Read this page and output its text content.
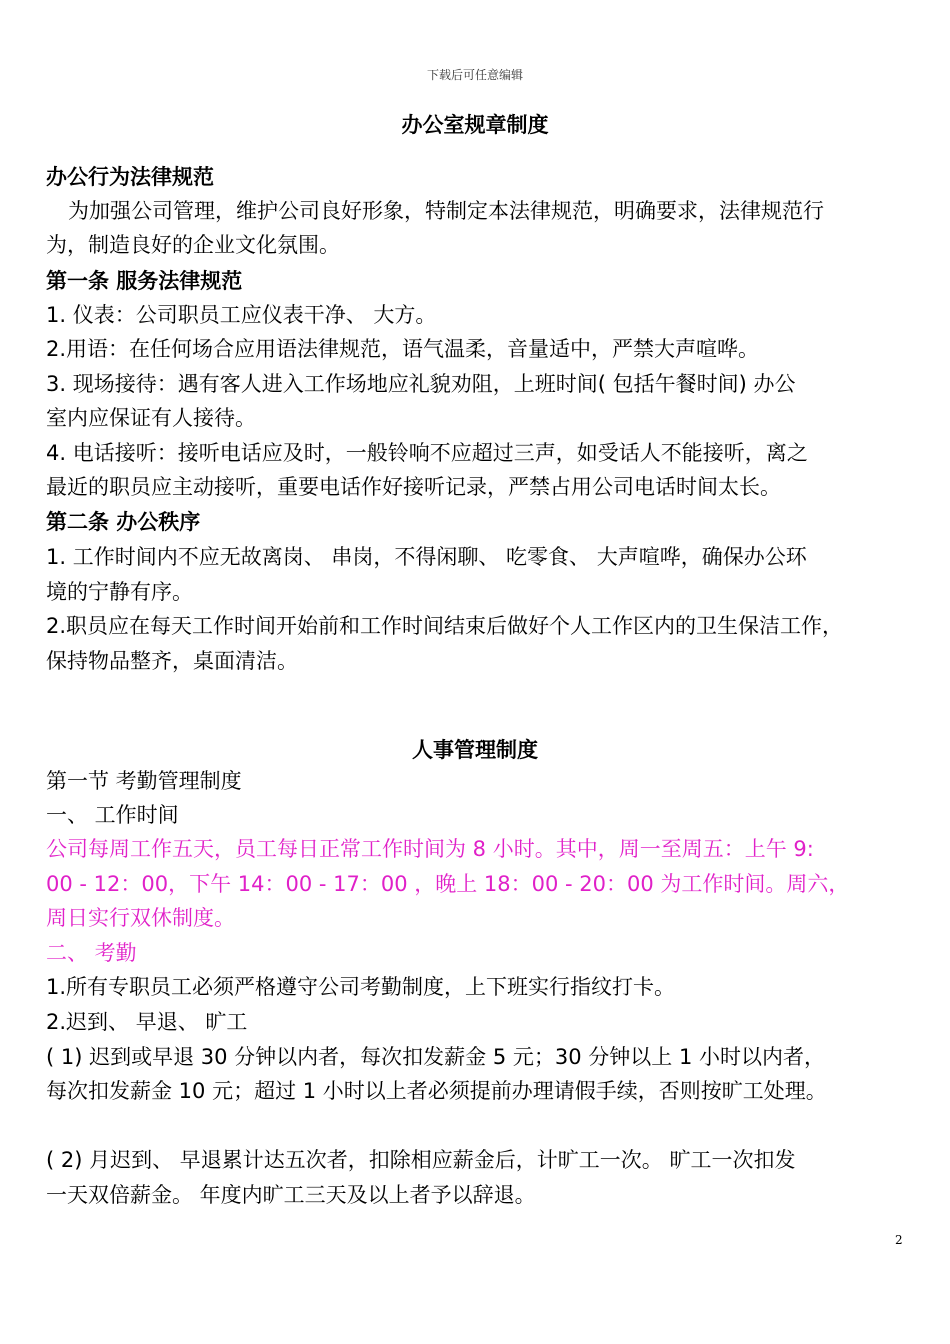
下载后可任意编辑
办公室规章制度
办公行为法律规范
为加强公司管理，维护公司良好形象，特制定本法律规范，明确要求，法律规范行
为，制造良好的企业文化氛围。
第一条 服务法律规范
1. 仪表：公司职员工应仪表干净、 大方。
2.用语：在任何场合应用语法律规范，语气温柔，音量适中，严禁大声喧哗。
3. 现场接待：遇有客人进入工作场地应礼貌劝阻，上班时间( 包括午餐时间) 办公
室内应保证有人接待。
4. 电话接听：接听电话应及时，一般铃响不应超过三声，如受话人不能接听，离之
最近的职员应主动接听，重要电话作好接听记录，严禁占用公司电话时间太长。
第二条 办公秩序
1. 工作时间内不应无故离岗、 串岗，不得闲聊、 吃零食、 大声喧哗，确保办公环
境的宁静有序。
2.职员应在每天工作时间开始前和工作时间结束后做好个人工作区内的卫生保洁工作，
保持物品整齐，桌面清洁。
人事管理制度
第一节 考勤管理制度
一、 工作时间
公司每周工作五天，员工每日正常工作时间为 8 小时。其中，周一至周五：上午 9:
00 - 12：00，下午 14：00 - 17：00 ，晚上 18：00 - 20：00 为工作时间。周六，
周日实行双休制度。
二、 考勤
1.所有专职员工必须严格遵守公司考勤制度，上下班实行指纹打卡。
2.迟到、 早退、 旷工
( 1) 迟到或早退 30 分钟以内者，每次扣发薪金 5 元；30 分钟以上 1 小时以内者，
每次扣发薪金 10 元；超过 1 小时以上者必须提前办理请假手续，否则按旷工处理。
( 2) 月迟到、 早退累计达五次者，扣除相应薪金后，计旷工一次。 旷工一次扣发
一天双倍薪金。 年度内旷工三天及以上者予以辞退。
2
